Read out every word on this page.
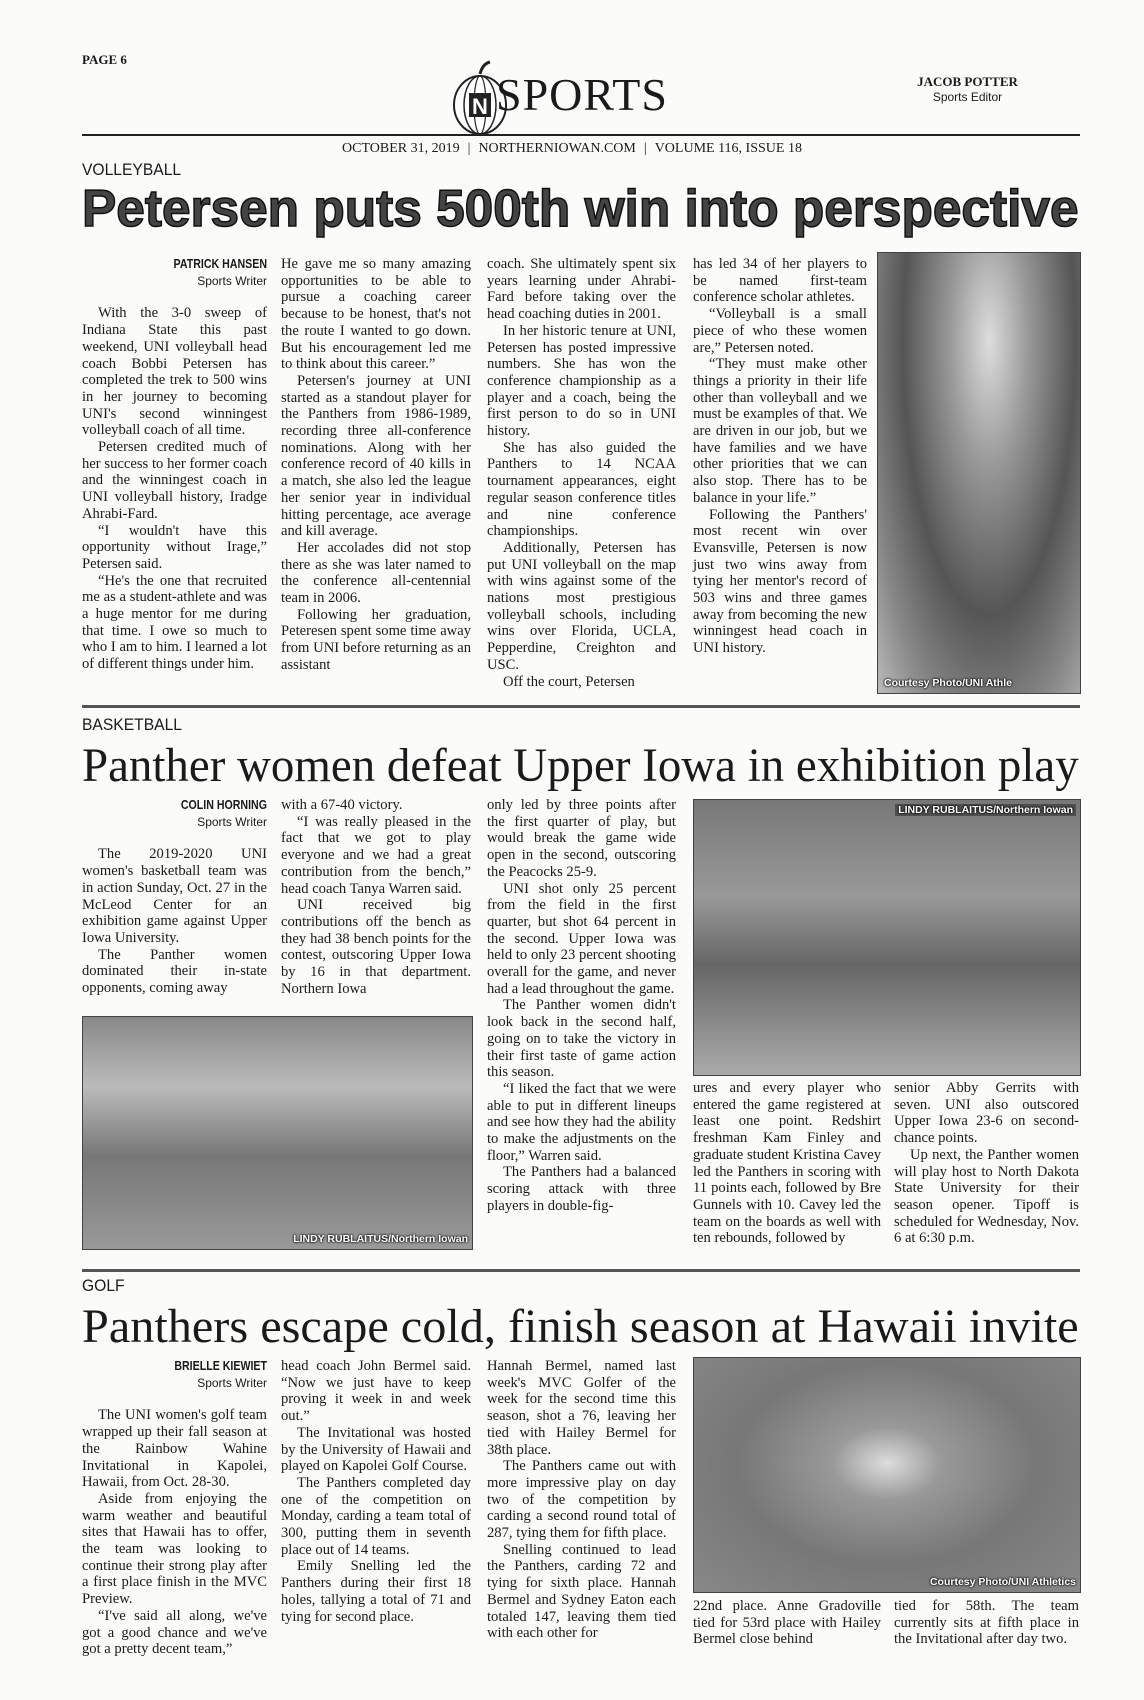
PAGE 6
N SPORTS	JACOB POTTER
Sports Editor
OCTOBER 31, 2019 | NORTHERNIOWAN.COM | VOLUME 116, ISSUE 18
VOLLEYBALL
Petersen puts 500th win into perspective
PATRICK HANSEN
Sports Writer

With the 3-0 sweep of Indiana State this past weekend, UNI volleyball head coach Bobbi Petersen has completed the trek to 500 wins in her journey to becoming UNI's second winningest volleyball coach of all time.

Petersen credited much of her success to her former coach and the winningest coach in UNI volleyball history, Iradge Ahrabi-Fard.

“I wouldn't have this opportunity without Irage,” Petersen said.

“He's the one that recruited me as a student-athlete and was a huge mentor for me during that time. I owe so much to who I am to him. I learned a lot of different things under him.

He gave me so many amazing opportunities to be able to pursue a coaching career because to be honest, that's not the route I wanted to go down. But his encouragement led me to think about this career.”

Petersen's journey at UNI started as a standout player for the Panthers from 1986-1989, recording three all-conference nominations. Along with her conference record of 40 kills in a match, she also led the league her senior year in individual hitting percentage, ace average and kill average.

Her accolades did not stop there as she was later named to the conference all-centennial team in 2006.

Following her graduation, Peteresen spent some time away from UNI before returning as an assistant

coach. She ultimately spent six years learning under Ahrabi-Fard before taking over the head coaching duties in 2001.

In her historic tenure at UNI, Petersen has posted impressive numbers. She has won the conference championship as a player and a coach, being the first person to do so in UNI history.

She has also guided the Panthers to 14 NCAA tournament appearances, eight regular season conference titles and nine conference championships.

Additionally, Petersen has put UNI volleyball on the map with wins against some of the nations most prestigious volleyball schools, including wins over Florida, UCLA, Pepperdine, Creighton and USC.

Off the court, Petersen

has led 34 of her players to be named first-team conference scholar athletes.

“Volleyball is a small piece of who these women are,” Petersen noted.

“They must make other things a priority in their life other than volleyball and we must be examples of that. We are driven in our job, but we have families and we have other priorities that we can also stop. There has to be balance in your life.”

Following the Panthers' most recent win over Evansville, Petersen is now just two wins away from tying her mentor's record of 503 wins and three games away from becoming the new winningest head coach in UNI history.

Courtesy Photo/UNI Athle
BASKETBALL
Panther women defeat Upper Iowa in exhibition play
COLIN HORNING
Sports Writer

The 2019-2020 UNI women's basketball team was in action Sunday, Oct. 27 in the McLeod Center for an exhibition game against Upper Iowa University.

The Panther women dominated their in-state opponents, coming away

with a 67-40 victory.

“I was really pleased in the fact that we got to play everyone and we had a great contribution from the bench,” head coach Tanya Warren said.

UNI received big contributions off the bench as they had 38 bench points for the contest, outscoring Upper Iowa by 16 in that department. Northern Iowa

only led by three points after the first quarter of play, but would break the game wide open in the second, outscoring the Peacocks 25-9.

UNI shot only 25 percent from the field in the first quarter, but shot 64 percent in the second. Upper Iowa was held to only 23 percent shooting overall for the game, and never had a lead throughout the game.

The Panther women didn't look back in the second half, going on to take the victory in their first taste of game action this season.

“I liked the fact that we were able to put in different lineups and see how they had the ability to make the adjustments on the floor,” Warren said.

The Panthers had a balanced scoring attack with three players in double-fig-

LINDY RUBLAITUS/Northern Iowan
LINDY RUBLAITUS/Northern Iowan

ures and every player who entered the game registered at least one point. Redshirt freshman Kam Finley and graduate student Kristina Cavey led the Panthers in scoring with 11 points each, followed by Bre Gunnels with 10. Cavey led the team on the boards as well with ten rebounds, followed by

senior Abby Gerrits with seven. UNI also outscored Upper Iowa 23-6 on second-chance points.

Up next, the Panther women will play host to North Dakota State University for their season opener. Tipoff is scheduled for Wednesday, Nov. 6 at 6:30 p.m.

GOLF
Panthers escape cold, finish season at Hawaii invite
BRIELLE KIEWIET
Sports Writer

The UNI women's golf team wrapped up their fall season at the Rainbow Wahine Invitational in Kapolei, Hawaii, from Oct. 28-30.

Aside from enjoying the warm weather and beautiful sites that Hawaii has to offer, the team was looking to continue their strong play after a first place finish in the MVC Preview.

“I've said all along, we've got a good chance and we've got a pretty decent team,”

head coach John Bermel said. “Now we just have to keep proving it week in and week out.”

The Invitational was hosted by the University of Hawaii and played on Kapolei Golf Course.

The Panthers completed day one of the competition on Monday, carding a team total of 300, putting them in seventh place out of 14 teams.

Emily Snelling led the Panthers during their first 18 holes, tallying a total of 71 and tying for second place.

Hannah Bermel, named last week's MVC Golfer of the week for the second time this season, shot a 76, leaving her tied with Hailey Bermel for 38th place.

The Panthers came out with more impressive play on day two of the competition by carding a second round total of 287, tying them for fifth place.

Snelling continued to lead the Panthers, carding 72 and tying for sixth place. Hannah Bermel and Sydney Eaton each totaled 147, leaving them tied with each other for

Courtesy Photo/UNI Athletics

22nd place. Anne Gradoville tied for 53rd place with Hailey Bermel close behind

tied for 58th. The team currently sits at fifth place in the Invitational after day two.
